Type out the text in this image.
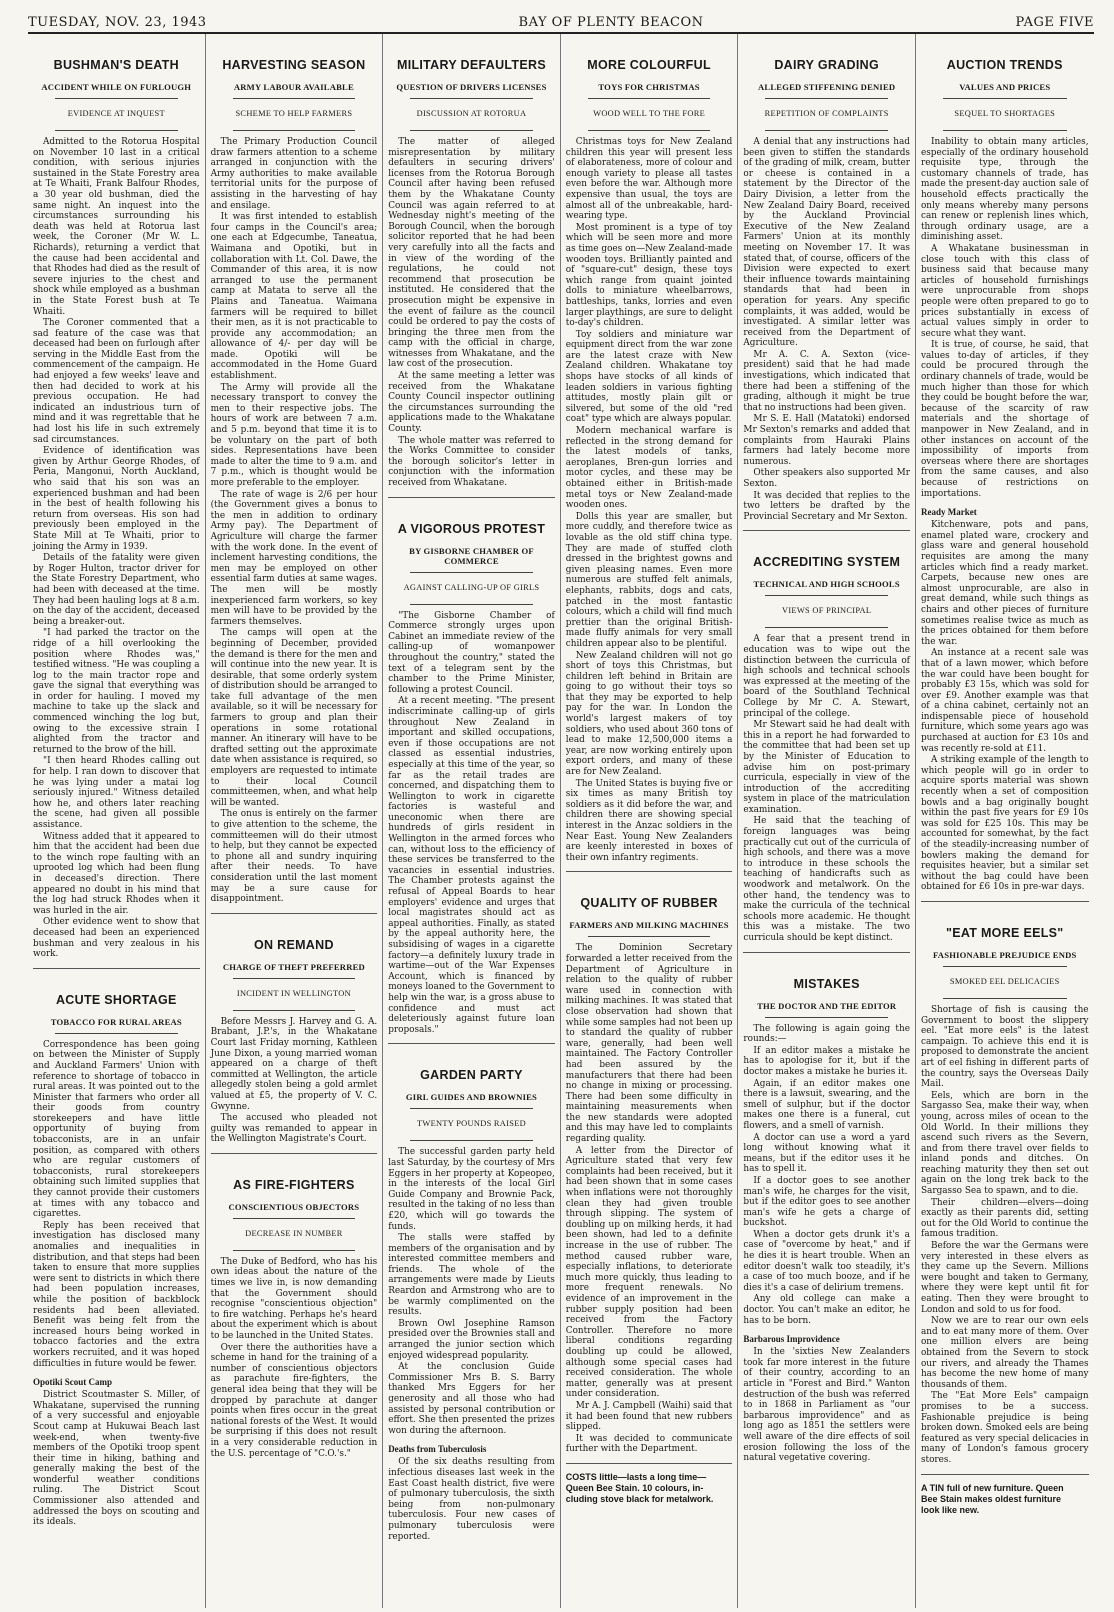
TUESDAY, NOV. 23, 1943	BAY OF PLENTY BEACON	PAGE FIVE
BUSHMAN'S DEATH
ACCIDENT WHILE ON FURLOUGH
EVIDENCE AT INQUEST

Admitted to the Rotorua Hospital on November 10 last in a critical condition, with serious injuries sustained in the State Forestry area at Te Whaiti, Frank Balfour Rhodes, a 30 year old bushman, died the same night. An inquest into the circumstances surrounding his death was held at Rotorua last week, the Coroner (Mr W. L. Richards), returning a verdict that the cause had been accidental and that Rhodes had died as the result of severe injuries to the chest and shock while employed as a bushman in the State Forest bush at Te Whaiti.

The Coroner commented that a sad feature of the case was that deceased had been on furlough after serving in the Middle East from the commencement of the campaign. He had enjoyed a few weeks' leave and then had decided to work at his previous occupation. He had indicated an industrious turn of mind and it was regrettable that he had lost his life in such extremely sad circumstances.

Evidence of identification was given by Arthur George Rhodes, of Peria, Mangonui, North Auckland, who said that his son was an experienced bushman and had been in the best of health following his return from overseas. His son had previously been employed in the State Mill at Te Whaiti, prior to joining the Army in 1939.

Details of the fatality were given by Roger Hulton, tractor driver for the State Forestry Department, who had been with deceased at the time. They had been hauling logs at 8 a.m. on the day of the accident, deceased being a breaker-out.

"I had parked the tractor on the ridge of a hill overlooking the position where Rhodes was," testified witness. "He was coupling a log to the main tractor rope and gave the signal that everything was in order for hauling. I moved my machine to take up the slack and commenced winching the log but, owing to the excessive strain I alighted from the tractor and returned to the brow of the hill.

"I then heard Rhodes calling out for help. I ran down to discover that he was lying under a matai log seriously injured." Witness detailed how he, and others later reaching the scene, had given all possible assistance.

Witness added that it appeared to him that the accident had been due to the winch rope faulting with an uprooted log which had been flung in deceased's direction. There appeared no doubt in his mind that the log had struck Rhodes when it was hurled in the air.

Other evidence went to show that deceased had been an experienced bushman and very zealous in his work.

ACUTE SHORTAGE
TOBACCO FOR RURAL AREAS

Correspondence has been going on between the Minister of Supply and Auckland Farmers' Union with reference to shortage of tobacco in rural areas. It was pointed out to the Minister that farmers who order all their goods from country storekeepers and have little opportunity of buying from tobacconists, are in an unfair position, as compared with others who are regular customers of tobacconists, rural storekeepers obtaining such limited supplies that they cannot provide their customers at times with any tobacco and cigarettes.

Reply has been received that investigation has disclosed many anomalies and inequalities in distribution, and that steps had been taken to ensure that more supplies were sent to districts in which there had been population increases, while the position of backblock residents had been alleviated. Benefit was being felt from the increased hours being worked in tobacco factories and the extra workers recruited, and it was hoped difficulties in future would be fewer.

Opotiki Scout Camp

District Scoutmaster S. Miller, of Whakatane, supervised the running of a very successful and enjoyable Scout camp at Hukuwai Beach last week-end, when twenty-five members of the Opotiki troop spent their time in hiking, bathing and generally making the best of the wonderful weather conditions ruling. The District Scout Commissioner also attended and addressed the boys on scouting and its ideals.

HARVESTING SEASON
ARMY LABOUR AVAILABLE
SCHEME TO HELP FARMERS

The Primary Production Council draw farmers attention to a scheme arranged in conjunction with the Army authorities to make available territorial units for the purpose of assisting in the harvesting of hay and ensilage.

It was first intended to establish four camps in the Council's area; one each at Edgecumbe, Taneatua, Waimana and Opotiki, but in collaboration with Lt. Col. Dawe, the Commander of this area, it is now arranged to use the permanent camp at Matata to serve all the Plains and Taneatua. Waimana farmers will be required to billet their men, as it is not practicable to provide any accommodation; an allowance of 4/- per day will be made. Opotiki will be accommodated in the Home Guard establishment.

The Army will provide all the necessary transport to convey the men to their respective jobs. The hours of work are between 7 a.m. and 5 p.m. beyond that time it is to be voluntary on the part of both sides. Representations have been made to alter the time to 9 a.m. and 7 p.m., which is thought would be more preferable to the employer.

The rate of wage is 2/6 per hour (the Government gives a bonus to the men in addition to ordinary Army pay). The Department of Agriculture will charge the farmer with the work done. In the event of inclement harvesting conditions, the men may be employed on other essential farm duties at same wages. The men will be mostly inexperienced farm workers, so key men will have to be provided by the farmers themselves.

The camps will open at the beginning of December, provided the demand is there for the men and will continue into the new year. It is desirable, that some orderly system of distribution should be arranged to take full advantage of the men available, so it will be necessary for farmers to group and plan their operations in some rotational manner. An itinerary will have to be drafted setting out the approximate date when assistance is required, so employers are requested to intimate to their local Council committeemen, when, and what help will be wanted.

The onus is entirely on the farmer to give attention to the scheme, the committeemen will do their utmost to help, but they cannot be expected to phone all and sundry inquiring after their needs. To have consideration until the last moment may be a sure cause for disappointment.

ON REMAND
CHARGE OF THEFT PREFERRED
INCIDENT IN WELLINGTON

Before Messrs J. Harvey and G. A. Brabant, J.P.'s, in the Whakatane Court last Friday morning, Kathleen June Dixon, a young married woman appeared on a charge of theft committed at Wellington, the article allegedly stolen being a gold armlet valued at £5, the property of V. C. Gwynne.

The accused who pleaded not guilty was remanded to appear in the Wellington Magistrate's Court.

AS FIRE-FIGHTERS
CONSCIENTIOUS OBJECTORS
DECREASE IN NUMBER

The Duke of Bedford, who has his own ideas about the nature of the times we live in, is now demanding that the Government should recognise "conscientious objection" to fire watching. Perhaps he's heard about the experiment which is about to be launched in the United States.

Over there the authorities have a scheme in hand for the training of a number of conscientious objectors as parachute fire-fighters, the general idea being that they will be dropped by parachute at danger points when fires occur in the great national forests of the West. It would be surprising if this does not result in a very considerable reduction in the U.S. percentage of "C.O.'s."

MILITARY DEFAULTERS
QUESTION OF DRIVERS LICENSES
DISCUSSION AT ROTORUA

The matter of alleged misrepresentation by military defaulters in securing drivers' licenses from the Rotorua Borough Council after having been refused them by the Whakatane County Council was again referred to at Wednesday night's meeting of the Borough Council, when the borough solicitor reported that he had been very carefully into all the facts and in view of the wording of the regulations, he could not recommend that prosecution be instituted. He considered that the prosecution might be expensive in the event of failure as the council could be ordered to pay the costs of bringing the three men from the camp with the official in charge, witnesses from Whakatane, and the law cost of the prosecution.

At the same meeting a letter was received from the Whakatane County Council inspector outlining the circumstances surrounding the applications made to the Whakatane County.

The whole matter was referred to the Works Committee to consider the borough solicitor's letter in conjunction with the information received from Whakatane.

A VIGOROUS PROTEST
BY GISBORNE CHAMBER OF COMMERCE
AGAINST CALLING-UP OF GIRLS

"The Gisborne Chamber of Commerce strongly urges upon Cabinet an immediate review of the calling-up of womanpower throughout the country," stated the text of a telegram sent by the chamber to the Prime Minister, following a protest Council.

At a recent meeting. "The present indiscriminate calling-up of girls throughout New Zealand in important and skilled occupations, even if those occupations are not classed as essential industries, especially at this time of the year, so far as the retail trades are concerned, and dispatching them to Wellington to work in cigarette factories is wasteful and uneconomic when there are hundreds of girls resident in Wellington in the armed forces who can, without loss to the efficiency of these services be transferred to the vacancies in essential industries. The Chamber protests against the refusal of Appeal Boards to hear employers' evidence and urges that local magistrates should act as appeal authorities. Finally, as stated by the appeal authority here, the subsidising of wages in a cigarette factory—a definitely luxury trade in wartime—out of the War Expenses Account, which is financed by moneys loaned to the Government to help win the war, is a gross abuse to confidence and must act deleteriously against future loan proposals."

GARDEN PARTY
GIRL GUIDES AND BROWNIES
TWENTY POUNDS RAISED

The successful garden party held last Saturday, by the courtesy of Mrs Eggers in her property at Kopeopeo, in the interests of the local Girl Guide Company and Brownie Pack, resulted in the taking of no less than £20, which will go towards the funds.

The stalls were staffed by members of the organisation and by interested committee members and friends. The whole of the arrangements were made by Lieuts Reardon and Armstrong who are to be warmly complimented on the results.

Brown Owl Josephine Ramson presided over the Brownies stall and arranged the junior section which enjoyed widespread popularity.

At the conclusion Guide Commissioner Mrs B. S. Barry thanked Mrs Eggers for her generosity and all those who had assisted by personal contribution or effort. She then presented the prizes won during the afternoon.

Deaths from Tuberculosis

Of the six deaths resulting from infectious diseases last week in the East Coast health district, five were of pulmonary tuberculosis, the sixth being from non-pulmonary tuberculosis. Four new cases of pulmonary tuberculosis were reported.

MORE COLOURFUL
TOYS FOR CHRISTMAS
WOOD WELL TO THE FORE

Christmas toys for New Zealand children this year will present less of elaborateness, more of colour and enough variety to please all tastes even before the war. Although more expensive than usual, the toys are almost all of the unbreakable, hard-wearing type.

Most prominent is a type of toy which will be seen more and more as time goes on—New Zealand-made wooden toys. Brilliantly painted and of "square-cut" design, these toys which range from quaint jointed dolls to miniature wheelbarrows, battleships, tanks, lorries and even larger playthings, are sure to delight to-day's children.

Toy soldiers and miniature war equipment direct from the war zone are the latest craze with New Zealand children. Whakatane toy shops have stocks of all kinds of leaden soldiers in various fighting attitudes, mostly plain gilt or silvered, but some of the old "red coat" type which are always popular.

Modern mechanical warfare is reflected in the strong demand for the latest models of tanks, aeroplanes, Bren-gun lorries and motor cycles, and these may be obtained either in British-made metal toys or New Zealand-made wooden ones.

Dolls this year are smaller, but more cuddly, and therefore twice as lovable as the old stiff china type. They are made of stuffed cloth dressed in the brightest gowns and given pleasing names. Even more numerous are stuffed felt animals, elephants, rabbits, dogs and cats, patched in the most fantastic colours, which a child will find much prettier than the original British-made fluffy animals for very small children appear also to be plentiful.

New Zealand children will not go short of toys this Christmas, but children left behind in Britain are going to go without their toys so that they may be exported to help pay for the war. In London the world's largest makers of toy soldiers, who used about 360 tons of lead to make 12,500,000 items a year, are now working entirely upon export orders, and many of these are for New Zealand.

The United States is buying five or six times as many British toy soldiers as it did before the war, and children there are showing special interest in the Anzac soldiers in the Near East. Young New Zealanders are keenly interested in boxes of their own infantry regiments.

QUALITY OF RUBBER
FARMERS AND MILKING MACHINES

The Dominion Secretary forwarded a letter received from the Department of Agriculture in relation to the quality of rubber ware used in connection with milking machines. It was stated that close observation had shown that while some samples had not been up to standard the quality of rubber ware, generally, had been well maintained. The Factory Controller had been assured by the manufacturers that there had been no change in mixing or processing. There had been some difficulty in maintaining measurements when the new standards were adopted and this may have led to complaints regarding quality.

A letter from the Director of Agriculture stated that very few complaints had been received, but it had been shown that in some cases when inflations were not thoroughly clean they had given trouble through slipping. The system of doubling up on milking herds, it had been shown, had led to a definite increase in the use of rubber. The method caused rubber ware, especially inflations, to deteriorate much more quickly, thus leading to more frequent renewals. No evidence of an improvement in the rubber supply position had been received from the Factory Controller. Therefore no more liberal conditions regarding doubling up could be allowed, although some special cases had received consideration. The whole matter, generally was at present under consideration.

Mr A. J. Campbell (Waihi) said that it had been found that new rubbers slipped.

It was decided to communicate further with the Department.

COSTS little—lasts a long time—
Queen Bee Stain. 10 colours, in-
cluding stove black for metalwork.
DAIRY GRADING
ALLEGED STIFFENING DENIED
REPETITION OF COMPLAINTS

A denial that any instructions had been given to stiffen the standards of the grading of milk, cream, butter or cheese is contained in a statement by the Director of the Dairy Division, a letter from the New Zealand Dairy Board, received by the Auckland Provincial Executive of the New Zealand Farmers' Union at its monthly meeting on November 17. It was stated that, of course, officers of the Division were expected to exert their influence towards maintaining standards that had been in operation for years. Any specific complaints, it was added, would be investigated. A similar letter was received from the Department of Agriculture.

Mr A. C. A. Sexton (vice-president) said that he had made investigations, which indicated that there had been a stiffening of the grading, although it might be true that no instructions had been given.

Mr S. E. Hall (Matatoki) endorsed Mr Sexton's remarks and added that complaints from Hauraki Plains farmers had lately become more numerous.

Other speakers also supported Mr Sexton.

It was decided that replies to the two letters be drafted by the Provincial Secretary and Mr Sexton.

ACCREDITING SYSTEM
TECHNICAL AND HIGH SCHOOLS
VIEWS OF PRINCIPAL

A fear that a present trend in education was to wipe out the distinction between the curricula of high schools and technical schools was expressed at the meeting of the board of the Southland Technical College by Mr C. A. Stewart, principal of the college.

Mr Stewart said he had dealt with this in a report he had forwarded to the committee that had been set up by the Minister of Education to advise him on post-primary curricula, especially in view of the introduction of the accrediting system in place of the matriculation examination.

He said that the teaching of foreign languages was being practically cut out of the curricula of high schools, and there was a move to introduce in these schools the teaching of handicrafts such as woodwork and metalwork. On the other hand, the tendency was to make the curricula of the technical schools more academic. He thought this was a mistake. The two curricula should be kept distinct.

MISTAKES
THE DOCTOR AND THE EDITOR

The following is again going the rounds:—

If an editor makes a mistake he has to apologise for it, but if the doctor makes a mistake he buries it.

Again, if an editor makes one there is a lawsuit, swearing, and the smell of sulphur, but if the doctor makes one there is a funeral, cut flowers, and a smell of varnish.

A doctor can use a word a yard long without knowing what it means, but if the editor uses it he has to spell it.

If a doctor goes to see another man's wife, he charges for the visit, but if the editor goes to see another man's wife he gets a charge of buckshot.

When a doctor gets drunk it's a case of "overcome by heat," and if he dies it is heart trouble. When an editor doesn't walk too steadily, it's a case of too much booze, and if he dies it's a case of delirium tremens.

Any old college can make a doctor. You can't make an editor, he has to be born.

Barbarous Improvidence

In the 'sixties New Zealanders took far more interest in the future of their country, according to an article in "Forest and Bird." Wanton destruction of the bush was referred to in 1868 in Parliament as "our barbarous improvidence" and as long ago as 1851 the settlers were well aware of the dire effects of soil erosion following the loss of the natural vegetative covering.

AUCTION TRENDS
VALUES AND PRICES
SEQUEL TO SHORTAGES

Inability to obtain many articles, especially of the ordinary household requisite type, through the customary channels of trade, has made the present-day auction sale of household effects practically the only means whereby many persons can renew or replenish lines which, through ordinary usage, are a diminishing asset.

A Whakatane businessman in close touch with this class of business said that because many articles of household furnishings were unprocurable from shops people were often prepared to go to prices substantially in excess of actual values simply in order to secure what they want.

It is true, of course, he said, that values to-day of articles, if they could be procured through the ordinary channels of trade, would be much higher than those for which they could be bought before the war, because of the scarcity of raw materials and the shortage of manpower in New Zealand, and in other instances on account of the impossibility of imports from overseas where there are shortages from the same causes, and also because of restrictions on importations.

Ready Market

Kitchenware, pots and pans, enamel plated ware, crockery and glass ware and general household requisites are among the many articles which find a ready market. Carpets, because new ones are almost unprocurable, are also in great demand, while such things as chairs and other pieces of furniture sometimes realise twice as much as the prices obtained for them before the war.

An instance at a recent sale was that of a lawn mower, which before the war could have been bought for probably £3 15s, which was sold for over £9. Another example was that of a china cabinet, certainly not an indispensable piece of household furniture, which some years ago was purchased at auction for £3 10s and was recently re-sold at £11.

A striking example of the length to which people will go in order to acquire sports material was shown recently when a set of composition bowls and a bag originally bought within the past five years for £9 10s was sold for £25 10s. This may be accounted for somewhat, by the fact of the steadily-increasing number of bowlers making the demand for requisites heavier, but a similar set without the bag could have been obtained for £6 10s in pre-war days.

"EAT MORE EELS"
FASHIONABLE PREJUDICE ENDS
SMOKED EEL DELICACIES

Shortage of fish is causing the Government to boost the slippery eel. "Eat more eels" is the latest campaign. To achieve this end it is proposed to demonstrate the ancient art of eel fishing in different parts of the country, says the Overseas Daily Mail.

Eels, which are born in the Sargasso Sea, make their way, when young, across miles of ocean to the Old World. In their millions they ascend such rivers as the Severn, and from there travel over fields to inland ponds and ditches. On reaching maturity they then set out again on the long trek back to the Sargasso Sea to spawn, and to die.

Their children—elvers—doing exactly as their parents did, setting out for the Old World to continue the famous tradition.

Before the war the Germans were very interested in these elvers as they came up the Severn. Millions were bought and taken to Germany, where they were kept until fit for eating. Then they were brought to London and sold to us for food.

Now we are to rear our own eels and to eat many more of them. Over one million elvers are being obtained from the Severn to stock our rivers, and already the Thames has become the new home of many thousands of them.

The "Eat More Eels" campaign promises to be a success. Fashionable prejudice is being broken down. Smoked eels are being featured as very special delicacies in many of London's famous grocery stores.

A TIN full of new furniture. Queen
Bee Stain makes oldest furniture
look like new.
